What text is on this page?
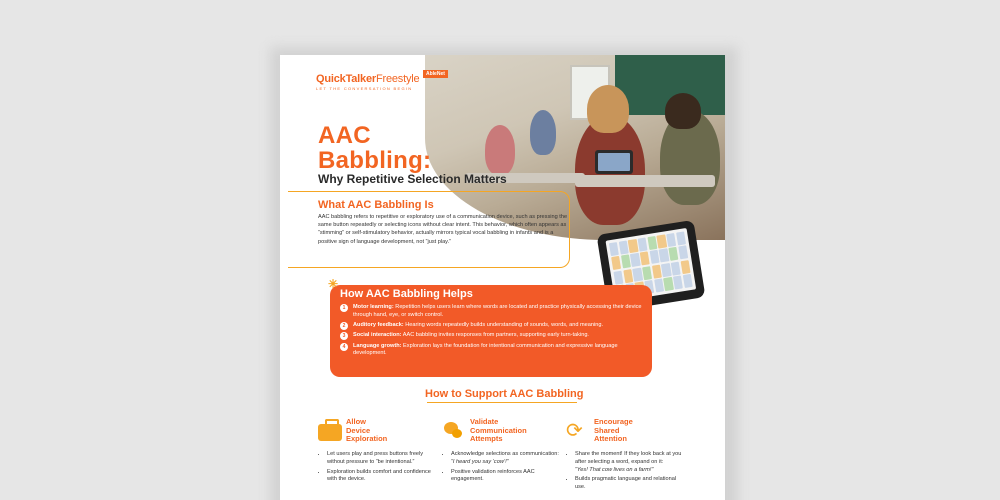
AbleNet
QuickTalkerFreestyle
LET THE CONVERSATION BEGIN
AAC
Babbling:
Why Repetitive Selection Matters
What AAC Babbling Is
AAC babbling refers to repetitive or exploratory use of a communication device, such as pressing the same button repeatedly or selecting icons without clear intent. This behavior, which often appears as “stimming” or self-stimulatory behavior, actually mirrors typical vocal babbling in infants and is a positive sign of language development, not “just play.”
✳
How AAC Babbling Helps
1	Motor learning: Repetition helps users learn where words are located and practice physically accessing their device through hand, eye, or switch control.
2	Auditory feedback: Hearing words repeatedly builds understanding of sounds, words, and meaning.
3	Social interaction: AAC babbling invites responses from partners, supporting early turn-taking.
4	Language growth: Exploration lays the foundation for intentional communication and expressive language development.
How to Support AAC Babbling
Allow
Device
Exploration
• Let users play and press buttons freely without pressure to “be intentional.”
• Exploration builds comfort and confidence with the device.
Validate
Communication
Attempts
• Acknowledge selections as communication:
“I heard you say ‘cow’!”
• Positive validation reinforces AAC engagement.
⟳ Encourage
Shared
Attention
• Share the moment! If they look back at you after selecting a word, expand on it:
“Yes! That cow lives on a farm!”
• Builds pragmatic language and relational use.
